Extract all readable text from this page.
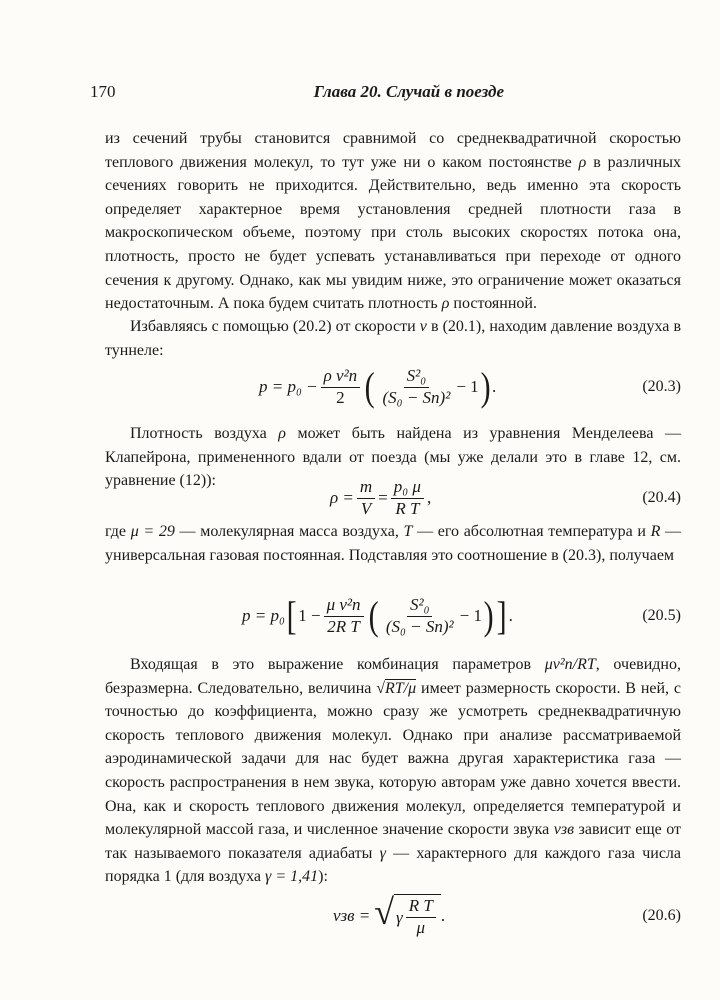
170	Глава 20. Случай в поезде

из сечений трубы становится сравнимой со среднеквадратичной скоростью теплового движения молекул, то тут уже ни о каком постоянстве ρ в различных сечениях говорить не приходится. Действительно, ведь именно эта скорость определяет характерное время установления средней плотности газа в макроскопическом объеме, поэтому при столь высоких скоростях потока она, плотность, просто не будет успевать устанавливаться при переходе от одного сечения к другому. Однако, как мы увидим ниже, это ограничение может оказаться недостаточным. А пока будем считать плотность ρ постоянной.

Избавляясь с помощью (20.2) от скорости v в (20.1), находим давление воздуха в туннеле:

$p = p_0 - \frac{\text{ρ v²п}}{2}$ ( $\frac{\text{S²₀}}{\text{(S₀ − Sп)²}} - 1$ ) .	(20.3)

Плотность воздуха ρ может быть найдена из уравнения Менделеева — Клапейрона, примененного вдали от поезда (мы уже делали это в главе 12, см. уравнение (12)):

$\rho = \frac{m}{V} = \frac{\text{p₀ μ}}{\text{R T}}$ ,	(20.4)

где μ = 29 — молекулярная масса воздуха, T — его абсолютная температура и R — универсальная газовая постоянная. Подставляя это соотношение в (20.3), получаем

p = p₀ [ $1 - \frac{\text{μ v²п}}{\text{2R T}}$ ( $\frac{\text{S²₀}}{\text{(S₀ − Sп)²}} - 1$ ) ] .	(20.5)

Входящая в это выражение комбинация параметров μv²п/RT, очевидно, безразмерна. Следовательно, величина √RT/μ имеет размерность скорости. В ней, с точностью до коэффициента, можно сразу же усмотреть среднеквадратичную скорость теплового движения молекул. Однако при анализе рассматриваемой аэродинамической задачи для нас будет важна другая характеристика газа — скорость распространения в нем звука, которую авторам уже давно хочется ввести. Она, как и скорость теплового движения молекул, определяется температурой и молекулярной массой газа, и численное значение скорости звука vзв зависит еще от так называемого показателя адиабаты γ — характерного для каждого газа числа порядка 1 (для воздуха γ = 1,41):

vзв = √ γ $\frac{\text{R T}}{\mu}$ .	(20.6)
